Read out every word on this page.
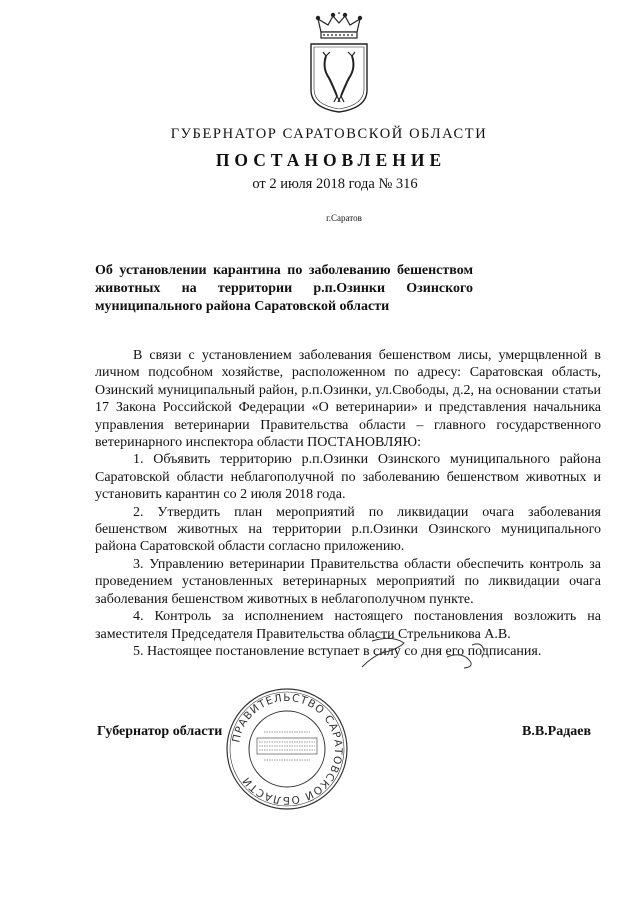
ГУБЕРНАТОР САРАТОВСКОЙ ОБЛАСТИ
ПОСТАНОВЛЕНИЕ
от 2 июля 2018 года № 316
г.Саратов
Об установлении карантина по заболеванию бешенством животных на территории р.п.Озинки Озинского муниципального района Саратовской области

В связи с установлением заболевания бешенством лисы, умерщвленной в личном подсобном хозяйстве, расположенном по адресу: Саратовская область, Озинский муниципальный район, р.п.Озинки, ул.Свободы, д.2, на основании статьи 17 Закона Российской Федерации «О ветеринарии» и представления начальника управления ветеринарии Правительства области – главного государственного ветеринарного инспектора области ПОСТАНОВЛЯЮ:

1. Объявить территорию р.п.Озинки Озинского муниципального района Саратовской области неблагополучной по заболеванию бешенством животных и установить карантин со 2 июля 2018 года.

2. Утвердить план мероприятий по ликвидации очага заболевания бешенством животных на территории р.п.Озинки Озинского муниципального района Саратовской области согласно приложению.

3. Управлению ветеринарии Правительства области обеспечить контроль за проведением установленных ветеринарных мероприятий по ликвидации очага заболевания бешенством животных в неблагополучном пункте.

4. Контроль за исполнением настоящего постановления возложить на заместителя Председателя Правительства области Стрельникова А.В.

5. Настоящее постановление вступает в силу со дня его подписания.

ПРАВИТЕЛЬСТВО САРАТОВСКОЙ ОБЛАСТИ
Губернатор области	В.В.Радаев
